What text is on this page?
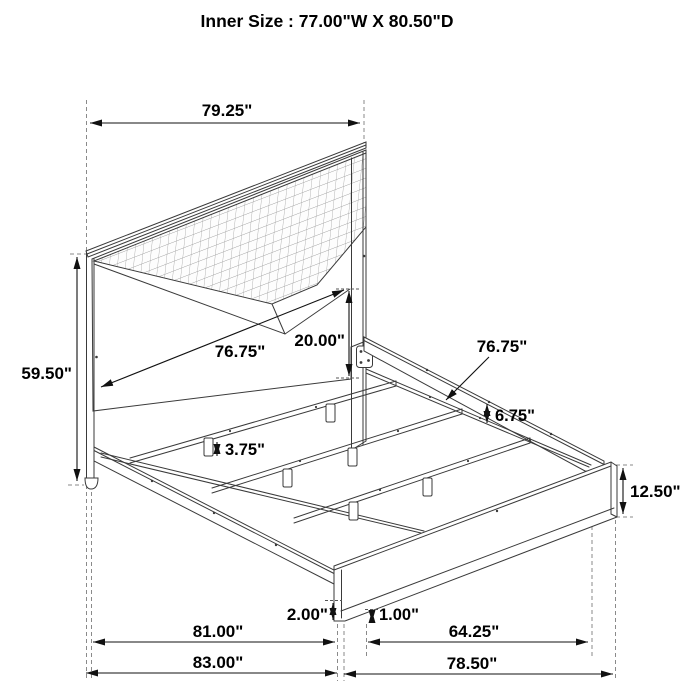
79.25"
59.50"
76.75"
20.00"	76.75"
6.75"
3.75"
2.00"	1.00"
81.00"	64.25"
83.00"	78.50"
12.50"
Inner Size : 77.00"W X 80.50"D
